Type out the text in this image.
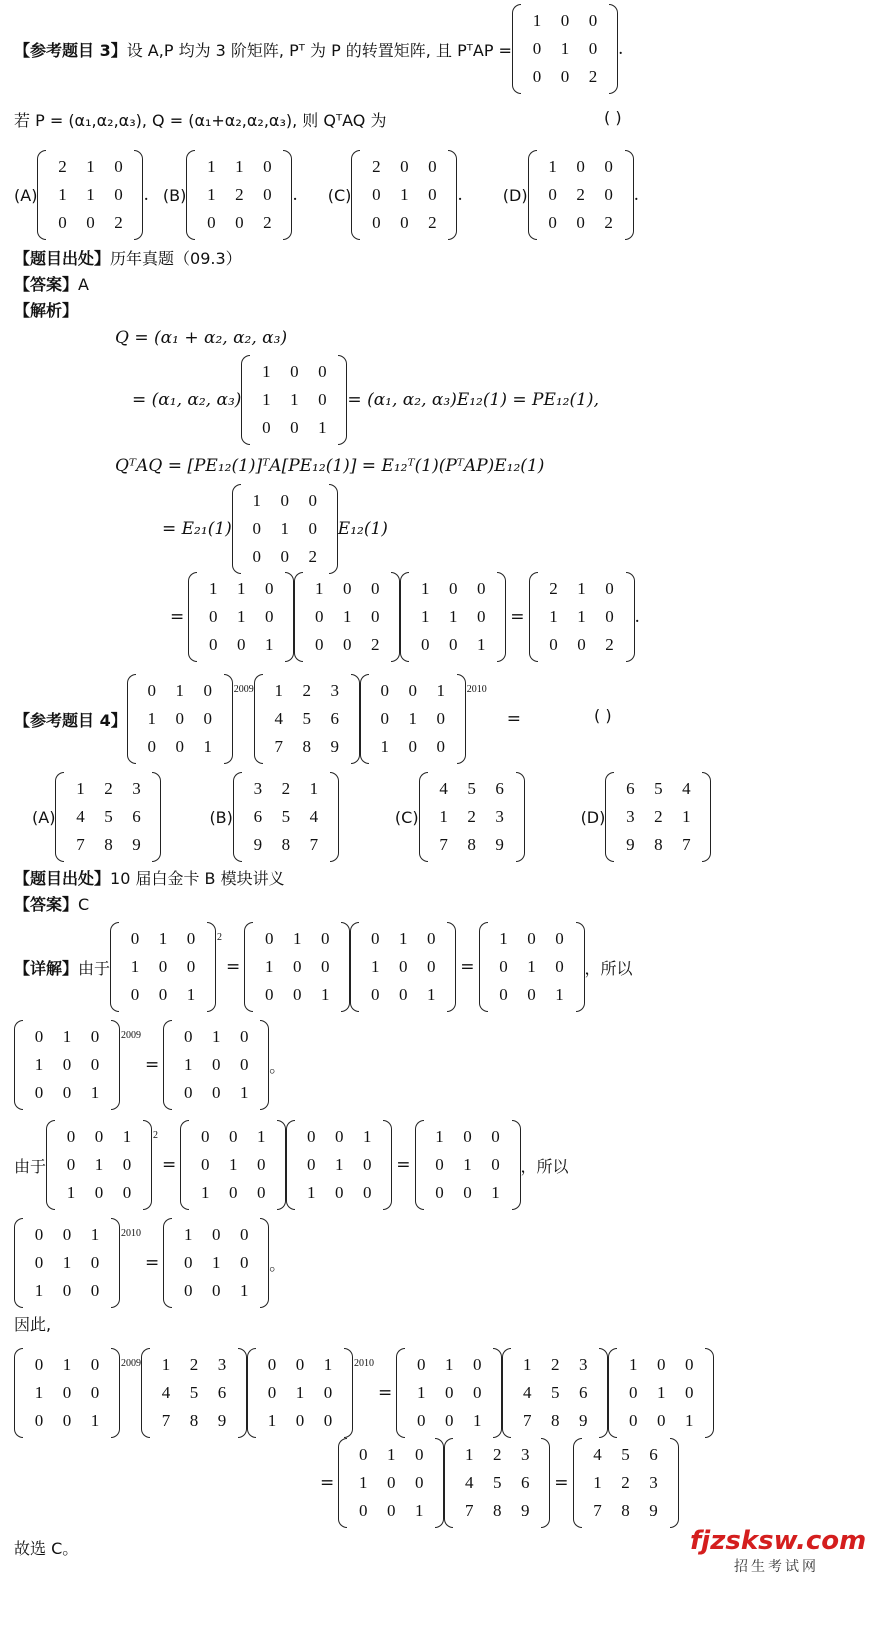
【参考题目 3】 设 A,P 均为 3 阶矩阵, Pᵀ 为 P 的转置矩阵, 且 PᵀAP =
1	0	0
0	1	0
0	0	2
.
若 P = (α₁,α₂,α₃), Q = (α₁+α₂,α₂,α₃), 则 QᵀAQ 为	( )
(A)
2	1	0
1	1	0
0	0	2
. (B)
1	1	0
1	2	0
0	0	2
. (C)
2	0	0
0	1	0
0	0	2
.	(D)
1	0	0
0	2	0
0	0	2
.
【题目出处】历年真题（09.3）
【答案】A
【解析】
Q = (α₁ + α₂, α₂, α₃)
= (α₁, α₂, α₃)
1	0	0
1	1	0
0	0	1
= (α₁, α₂, α₃)E₁₂(1) = PE₁₂(1),
QᵀAQ = [PE₁₂(1)]ᵀA[PE₁₂(1)] = E₁₂ᵀ(1)(PᵀAP)E₁₂(1)
= E₂₁(1)
1	0	0
0	1	0
0	0	2
E₁₂(1)
=
1	1	0
0	1	0
0	0	1
1	0	0
0	1	0
0	0	2
1	0	0
1	1	0
0	0	1
=
2	1	0
1	1	0
0	0	2
.
【参考题目 4】
0	1	0
1	0	0
0	0	1
2009 1	2	3
4	5	6
7	8	9
0	0	1
0	1	0
1	0	0
2010
=	( )
(A)
1	2	3
4	5	6
7	8	9
(B)
3	2	1
6	5	4
9	8	7
(C)
4	5	6
1	2	3
7	8	9
(D)
6	5	4
3	2	1
9	8	7
【题目出处】10 届白金卡 B 模块讲义
【答案】C
【详解】 由于
0	1	0
1	0	0
0	0	1
2
=
0	1	0
1	0	0
0	0	1
0	1	0
1	0	0
0	0	1
=
1	0	0
0	1	0
0	0	1
，所以
0	1	0
1	0	0
0	0	1
2009
=
0	1	0
1	0	0
0	0	1
。
由于
0	0	1
0	1	0
1	0	0
2
=
0	0	1
0	1	0
1	0	0
0	0	1
0	1	0
1	0	0
=
1	0	0
0	1	0
0	0	1
，所以
0	0	1
0	1	0
1	0	0
2010
=
1	0	0
0	1	0
0	0	1
。
因此,
0	1	0
1	0	0
0	0	1
2009 1	2	3
4	5	6
7	8	9
0	0	1
0	1	0
1	0	0
2010
=
0	1	0
1	0	0
0	0	1
1	2	3
4	5	6
7	8	9
1	0	0
0	1	0
0	0	1
=
0	1	0
1	0	0
0	0	1
1	2	3
4	5	6
7	8	9
=
4	5	6
1	2	3
7	8	9
故选 C。	fjzsksw.com
招生考试网
